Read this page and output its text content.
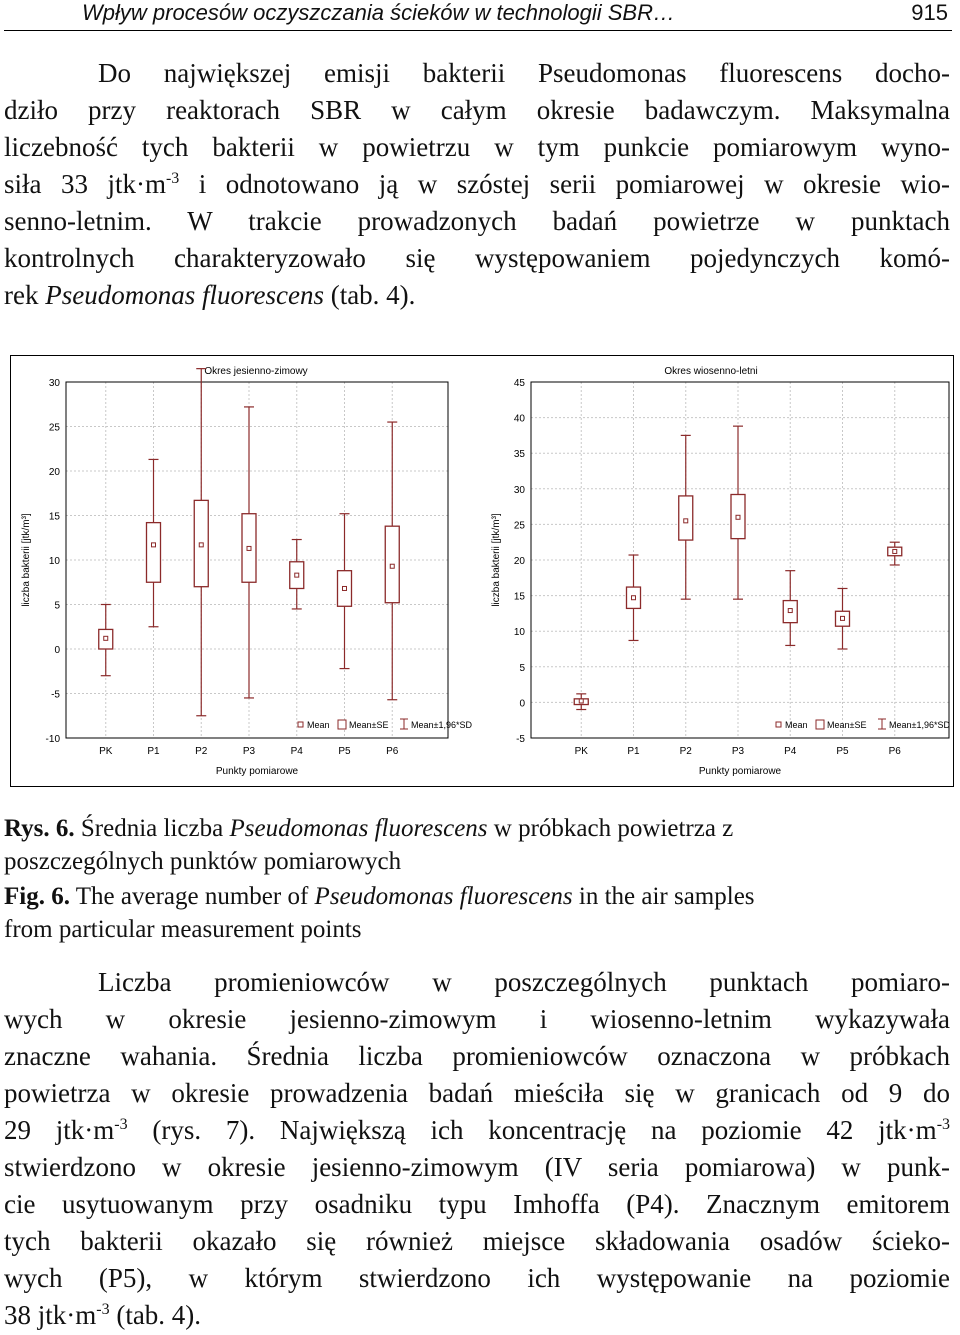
Wpływ procesów oczyszczania ścieków w technologii SBR…	915
Do największej emisji bakterii Pseudomonas fluorescens docho-
dziło przy reaktorach SBR w całym okresie badawczym. Maksymalna
liczebność tych bakterii w powietrzu w tym punkcie pomiarowym wyno-
siła 33 $jtk\cdot m^{-3}$ i odnotowano ją w szóstej serii pomiarowej w okresie wio-
senno-letnim. W trakcie prowadzonych badań powietrze w punktach
kontrolnych charakteryzowało się występowaniem pojedynczych komó-
rek Pseudomonas fluorescens (tab. 4).
-10
-5
0
5
10
15
20
25
30
PK	P1	P2	P3	P4	P5	P6
Okres jesienno-zimowy
Punkty pomiarowe
liczba bakterii [jtk/m³]
Mean Mean±SE	Mean±1,96*SD
-5
0
5
10
15
20
25
30
35
40
45
PK	P1	P2	P3	P4	P5	P6
Okres wiosenno-letni
Punkty pomiarowe
liczba bakterii [jtk/m³]
Mean Mean±SE	Mean±1,96*SD
Rys. 6. Średnia liczba Pseudomonas fluorescens w próbkach powietrza z
poszczególnych punktów pomiarowych
Fig. 6. The average number of Pseudomonas fluorescens in the air samples
from particular measurement points
Liczba promieniowców w poszczególnych punktach pomiaro-
wych w okresie jesienno-zimowym i wiosenno-letnim wykazywała
znaczne wahania. Średnia liczba promieniowców oznaczona w próbkach
powietrza w okresie prowadzenia badań mieściła się w granicach od 9 do
29 $jtk\cdot m^{-3}$ (rys. 7). Największą ich koncentrację na poziomie 42 $jtk\cdot m^{-3}$
stwierdzono w okresie jesienno-zimowym (IV seria pomiarowa) w punk-
cie usytuowanym przy osadniku typu Imhoffa (P4). Znacznym emitorem
tych bakterii okazało się również miejsce składowania osadów ścieko-
wych (P5), w którym stwierdzono ich występowanie na poziomie
38 $jtk\cdot m^{-3}$ (tab. 4).
